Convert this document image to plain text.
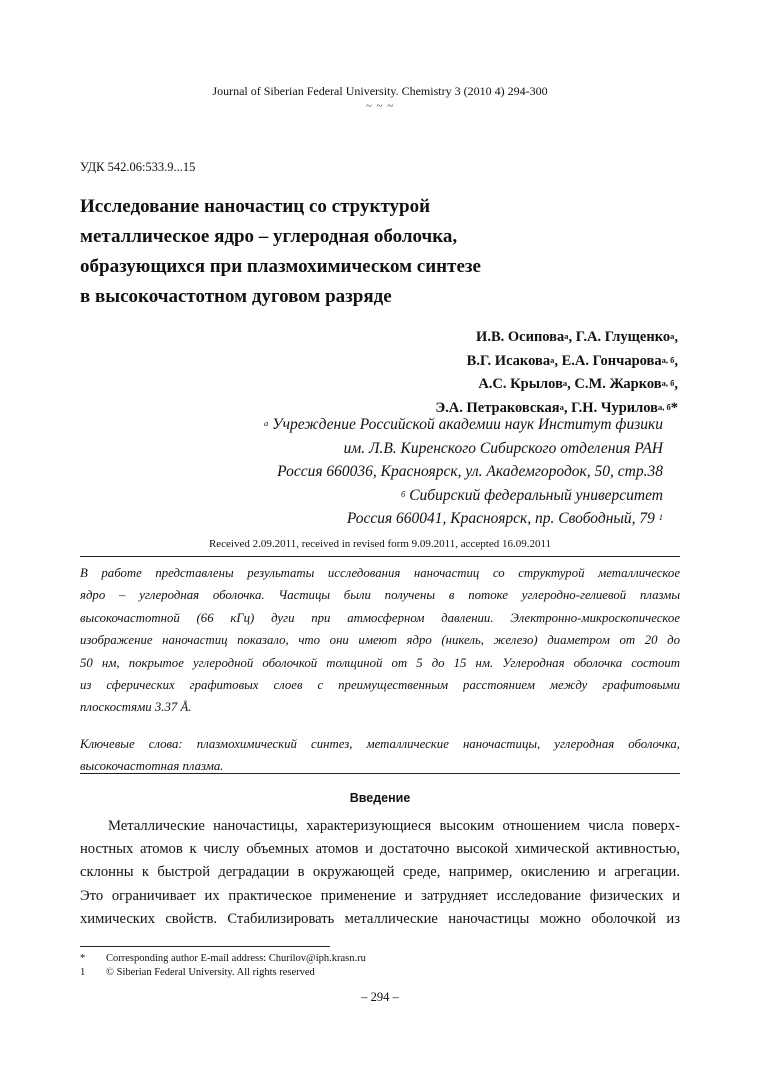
Journal of Siberian Federal University. Chemistry 3 (2010 4) 294-300
~ ~ ~
УДК 542.06:533.9...15
Исследование наночастиц со структурой
металлическое ядро – углеродная оболочка,
образующихся при плазмохимическом синтезе
в высокочастотном дуговом разряде
И.В. Осипова$^а$, Г.А. Глущенко$^а$,
В.Г. Исакова$^а$, Е.А. Гончарова$^{а, б}$,
А.С. Крылов$^а$, С.М. Жарков$^{а, б}$,
Э.А. Петраковская$^а$, Г.Н. Чурилов$^{а, б}$*
$^а$ Учреждение Российской академии наук Институт физики
им. Л.В. Киренского Сибирского отделения РАН
Россия 660036, Красноярск, ул. Академгородок, 50, стр.38
$^б$ Сибирский федеральный университет
Россия 660041, Красноярск, пр. Свободный, 79 $^1$
Received 2.09.2011, received in revised form 9.09.2011, accepted 16.09.2011
В работе представлены результаты исследования наночастиц со структурой металлическое
ядро – углеродная оболочка. Частицы были получены в потоке углеродно-гелиевой плазмы
высокочастотной (66 кГц) дуги при атмосферном давлении. Электронно-микроскопическое
изображение наночастиц показало, что они имеют ядро (никель, железо) диаметром от 20 до
50 нм, покрытое углеродной оболочкой толщиной от 5 до 15 нм. Углеродная оболочка состоит
из сферических графитовых слоев с преимущественным расстоянием между графитовыми
плоскостями 3.37 Å.
Ключевые слова: плазмохимический синтез, металлические наночастицы, углеродная оболочка,
высокочастотная плазма.
Введение
Металлические наночастицы, характеризующиеся высоким отношением числа поверх-
ностных атомов к числу объемных атомов и достаточно высокой химической активностью,
склонны к быстрой деградации в окружающей среде, например, окислению и агрегации.
Это ограничивает их практическое применение и затрудняет исследование физических и
химических свойств. Стабилизировать металлические наночастицы можно оболочкой из
*	Corresponding author E-mail address: Churilov@iph.krasn.ru
1	© Siberian Federal University. All rights reserved
– 294 –
